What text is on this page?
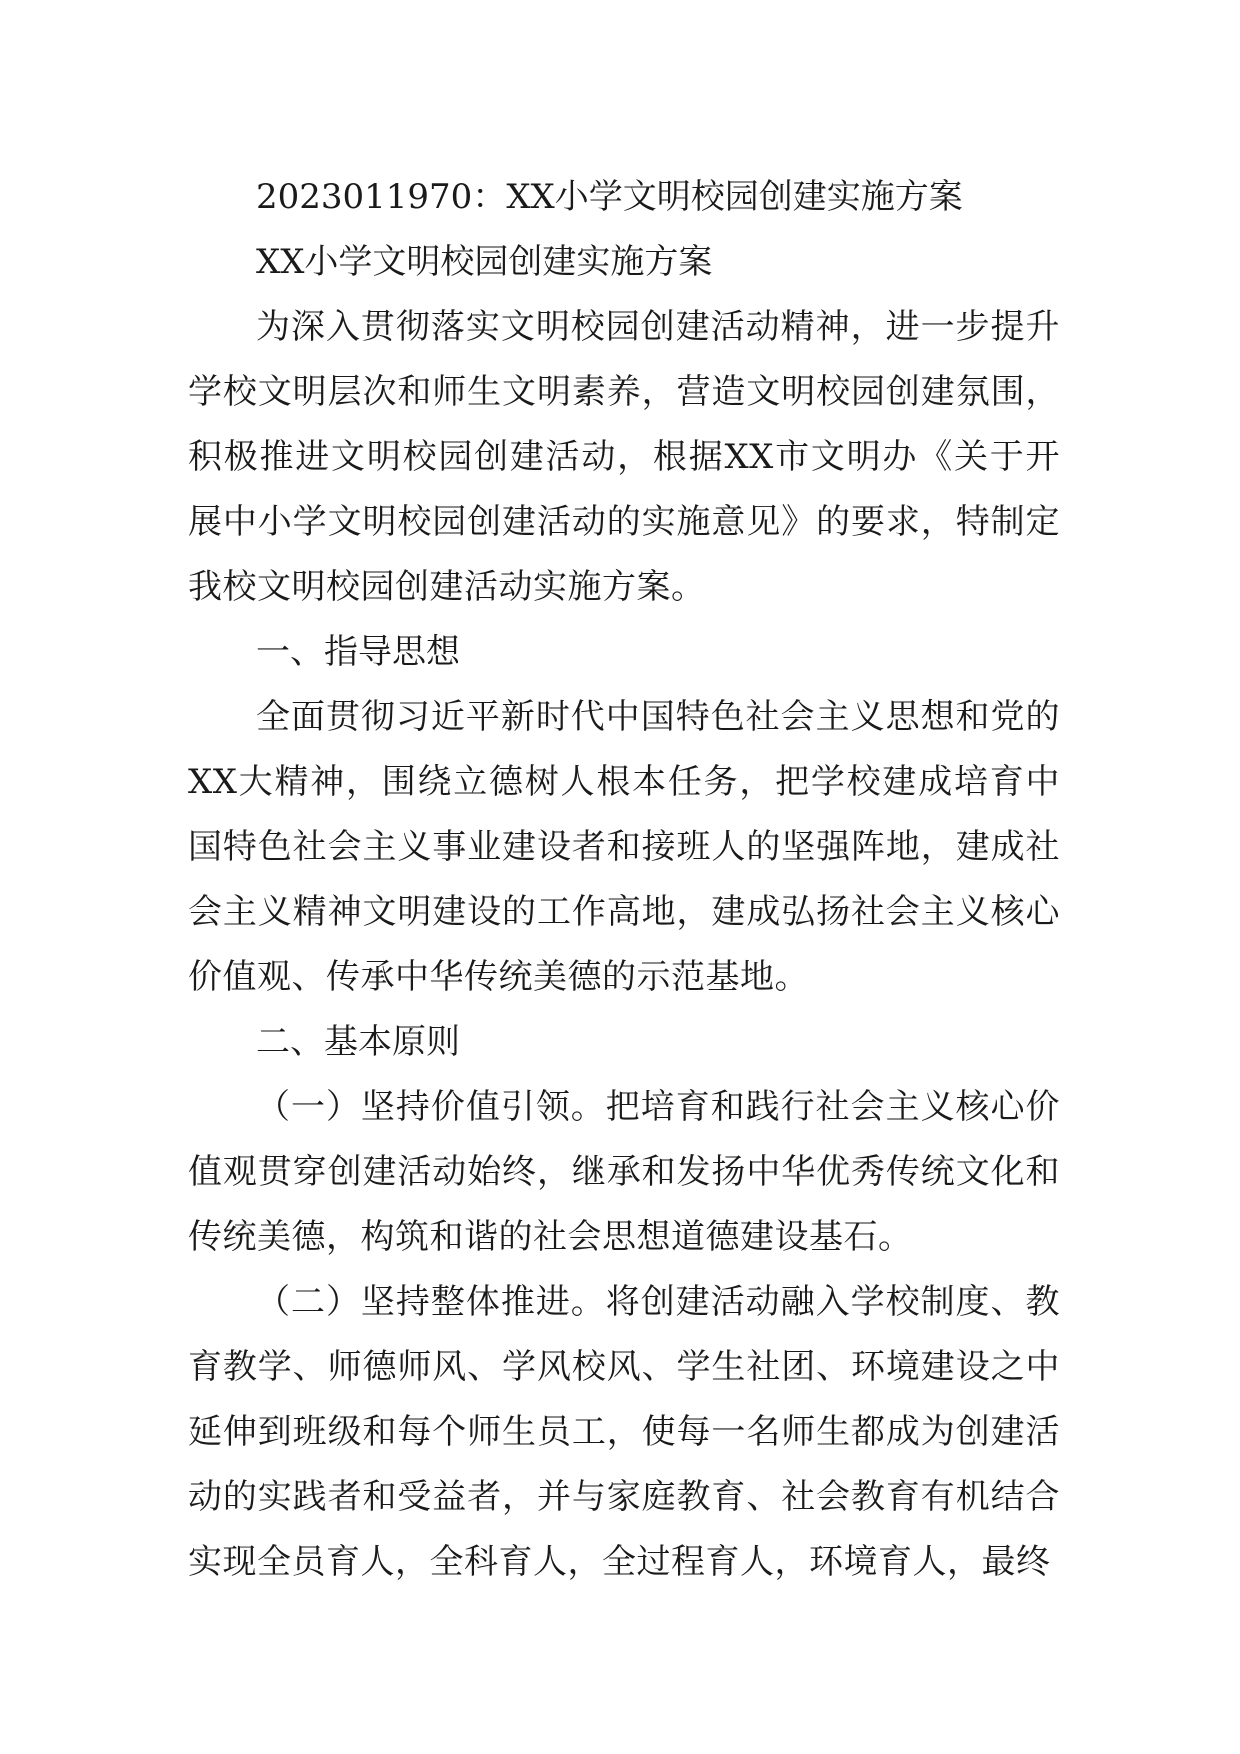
2023011970：XX小学文明校园创建实施方案

XX小学文明校园创建实施方案

为深入贯彻落实文明校园创建活动精神，进一步提升学校文明层次和师生文明素养，营造文明校园创建氛围，积极推进文明校园创建活动，根据XX市文明办《关于开展中小学文明校园创建活动的实施意见》的要求，特制定我校文明校园创建活动实施方案。

一、指导思想

全面贯彻习近平新时代中国特色社会主义思想和党的XX大精神，围绕立德树人根本任务，把学校建成培育中国特色社会主义事业建设者和接班人的坚强阵地，建成社会主义精神文明建设的工作高地，建成弘扬社会主义核心价值观、传承中华传统美德的示范基地。

二、基本原则

（一）坚持价值引领。把培育和践行社会主义核心价值观贯穿创建活动始终，继承和发扬中华优秀传统文化和传统美德，构筑和谐的社会思想道德建设基石。

（二）坚持整体推进。将创建活动融入学校制度、教育教学、师德师风、学风校风、学生社团、环境建设之中延伸到班级和每个师生员工，使每一名师生都成为创建活动的实践者和受益者，并与家庭教育、社会教育有机结合实现全员育人，全科育人，全过程育人，环境育人，最终
